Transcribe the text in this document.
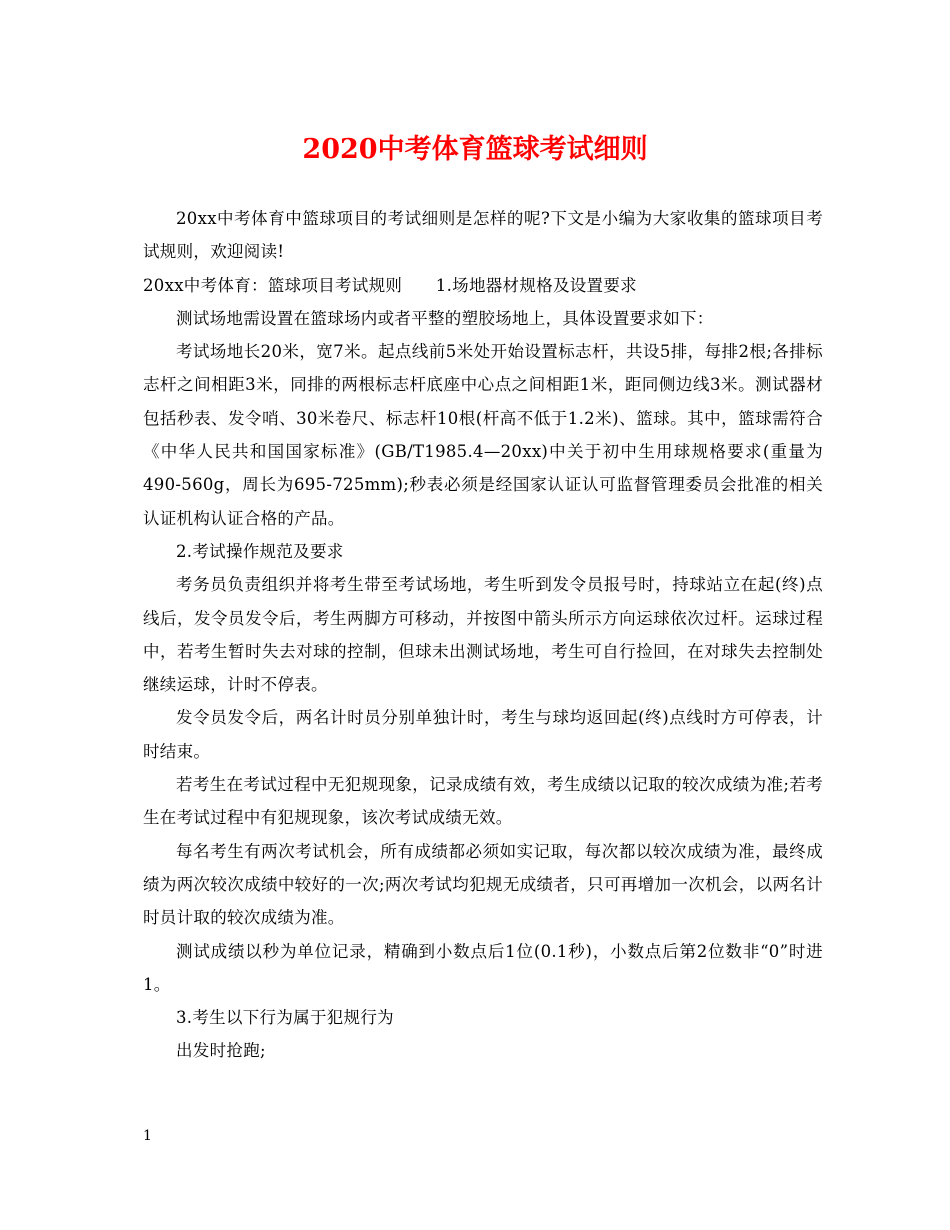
2020中考体育篮球考试细则

20xx中考体育中篮球项目的考试细则是怎样的呢?下文是小编为大家收集的篮球项目考试规则，欢迎阅读!

20xx中考体育：篮球项目考试规则　　1.场地器材规格及设置要求

测试场地需设置在篮球场内或者平整的塑胶场地上，具体设置要求如下：

考试场地长20米，宽7米。起点线前5米处开始设置标志杆，共设5排，每排2根;各排标志杆之间相距3米，同排的两根标志杆底座中心点之间相距1米，距同侧边线3米。测试器材包括秒表、发令哨、30米卷尺、标志杆10根(杆高不低于1.2米)、篮球。其中，篮球需符合《中华人民共和国国家标准》(GB/T1985.4—20xx)中关于初中生用球规格要求(重量为490-560g，周长为695-725mm);秒表必须是经国家认证认可监督管理委员会批准的相关认证机构认证合格的产品。

2.考试操作规范及要求

考务员负责组织并将考生带至考试场地，考生听到发令员报号时，持球站立在起(终)点线后，发令员发令后，考生两脚方可移动，并按图中箭头所示方向运球依次过杆。运球过程中，若考生暂时失去对球的控制，但球未出测试场地，考生可自行捡回，在对球失去控制处继续运球，计时不停表。

发令员发令后，两名计时员分别单独计时，考生与球均返回起(终)点线时方可停表，计时结束。

若考生在考试过程中无犯规现象，记录成绩有效，考生成绩以记取的较次成绩为准;若考生在考试过程中有犯规现象，该次考试成绩无效。

每名考生有两次考试机会，所有成绩都必须如实记取，每次都以较次成绩为准，最终成绩为两次较次成绩中较好的一次;两次考试均犯规无成绩者，只可再增加一次机会，以两名计时员计取的较次成绩为准。

测试成绩以秒为单位记录，精确到小数点后1位(0.1秒)，小数点后第2位数非“0”时进1。

3.考生以下行为属于犯规行为

出发时抢跑;

1
